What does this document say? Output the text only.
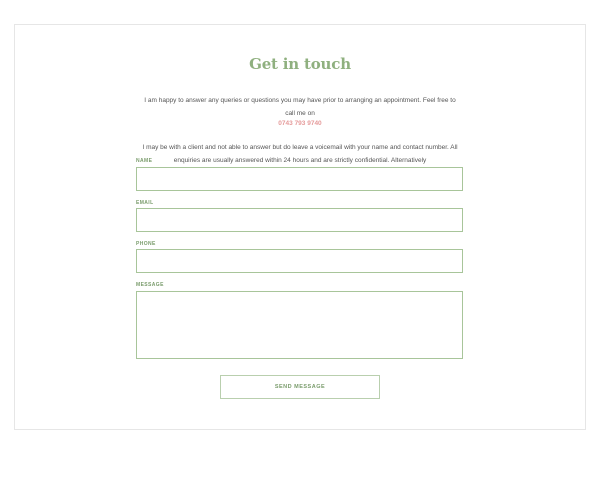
Get in touch

I am happy to answer any queries or questions you may have prior to arranging an appointment. Feel free to call me on

0743 793 9740

I may be with a client and not able to answer but do leave a voicemail with your name and contact number. All enquiries are usually answered within 24 hours and are strictly confidential. Alternatively

NAME
EMAIL
PHONE
MESSAGE
SEND MESSAGE
